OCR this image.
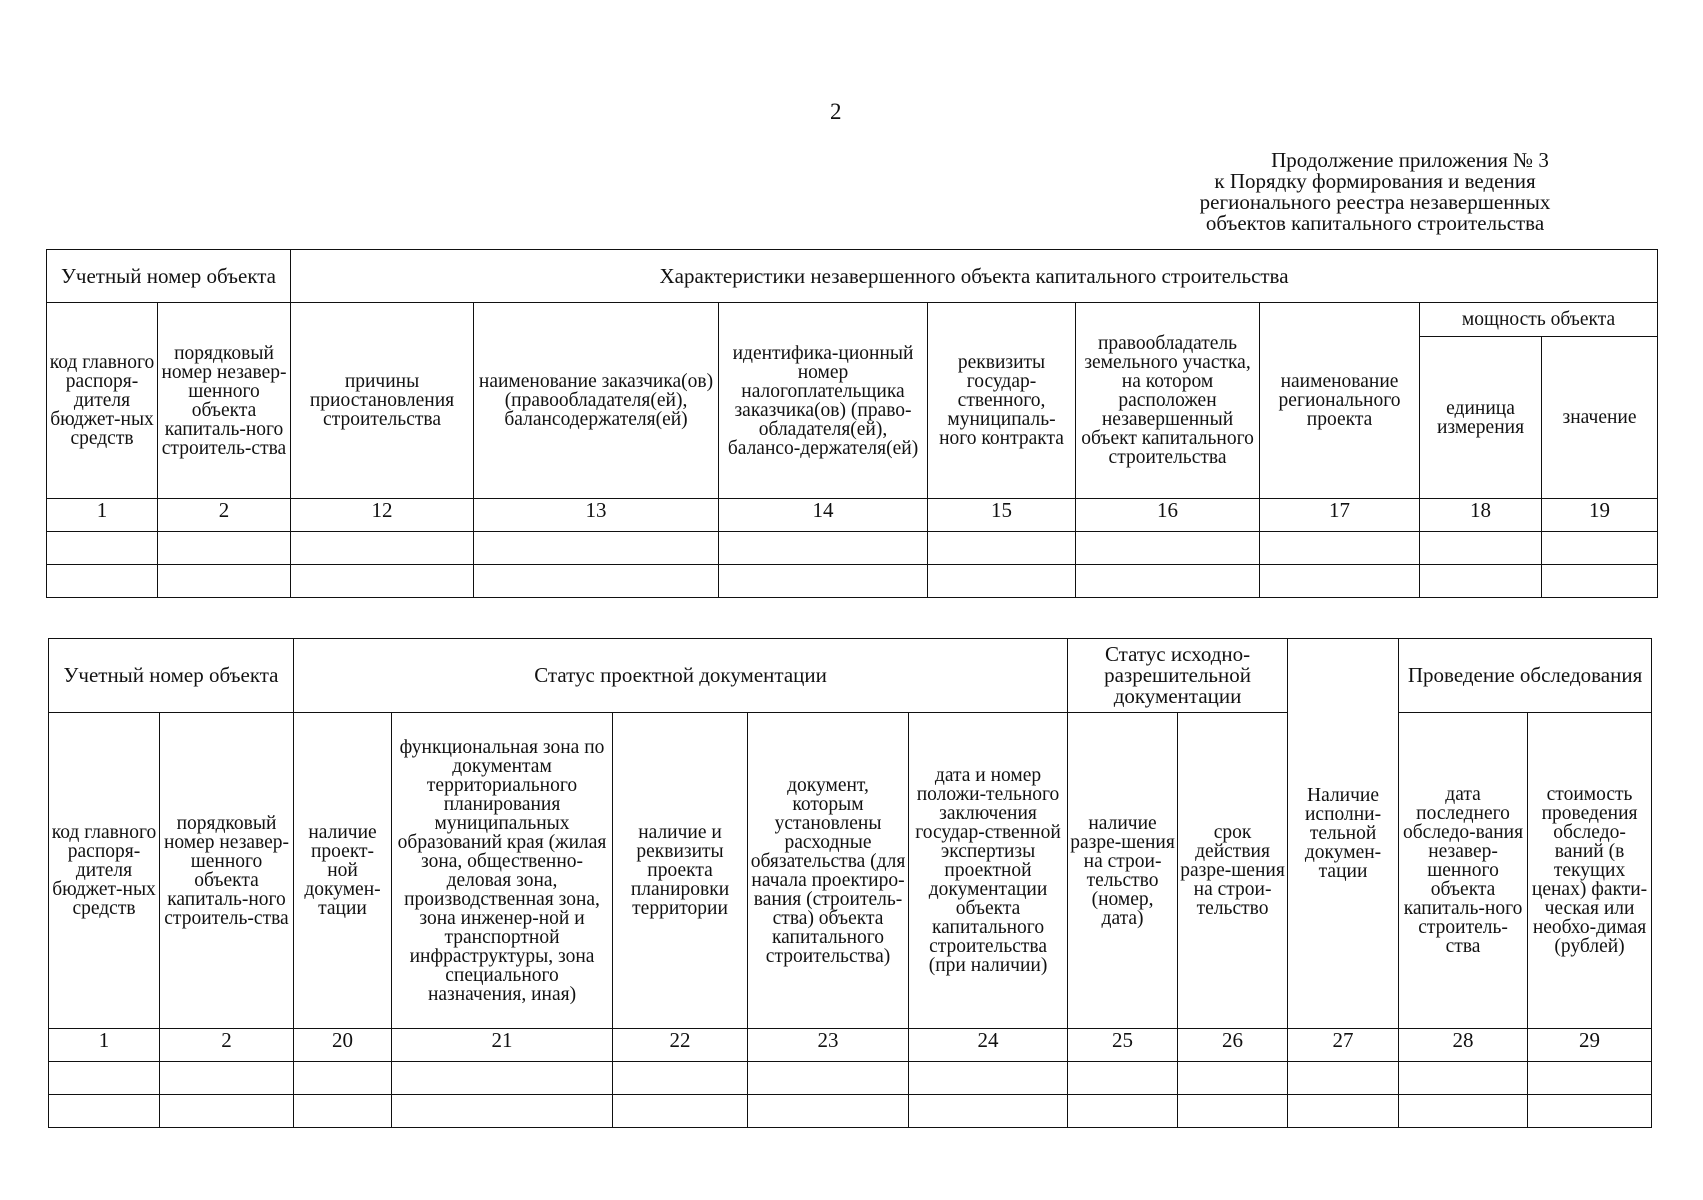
2
Продолжение приложения № 3
к Порядку формирования и ведения
регионального реестра незавершенных
объектов капитального строительства
Учетный номер объекта		Характеристики незавершенного объекта капитального строительства							
код главного распоря-дителя бюджет-ных средств	порядковый номер незавер-шенного объекта капиталь-ного строитель-ства	причины приостановления строительства	наименование заказчика(ов) (правообладателя(ей), балансодержателя(ей)	идентифика-ционный номер налогоплательщика заказчика(ов) (право-обладателя(ей), балансо-держателя(ей)	реквизиты государ-ственного, муниципаль-ного контракта	правообладатель земельного участка, на котором расположен незавершенный объект капитального строительства	наименование регионального проекта	мощность объекта	
								единица измерения	значение
1	2	12	13	14	15	16	17	18	19

Учетный номер объекта		Статус проектной документации					Статус исходно-разрешительной документации		Наличие исполни-тельной докумен-тации	Проведение обследования	
код главного распоря-дителя бюджет-ных средств	порядковый номер незавер-шенного объекта капиталь-ного строитель-ства	наличие проект-ной докумен-тации	функциональная зона по документам территориального планирования муниципальных образований края (жилая зона, общественно-деловая зона, производственная зона, зона инженер-ной и транспортной инфраструктуры, зона специального назначения, иная)	наличие и реквизиты проекта планировки территории	документ, которым установлены расходные обязательства (для начала проектиро-вания (строитель-ства) объекта капитального строительства)	дата и номер положи-тельного заключения государ-ственной экспертизы проектной документации объекта капитального строительства (при наличии)	наличие разре-шения на строи-тельство (номер, дата)	срок действия разре-шения на строи-тельство		дата последнего обследо-вания незавер-шенного объекта капиталь-ного строитель-ства	стоимость проведения обследо-ваний (в текущих ценах) факти-ческая или необхо-димая (рублей)
1	2	20	21	22	23	24	25	26	27	28	29
